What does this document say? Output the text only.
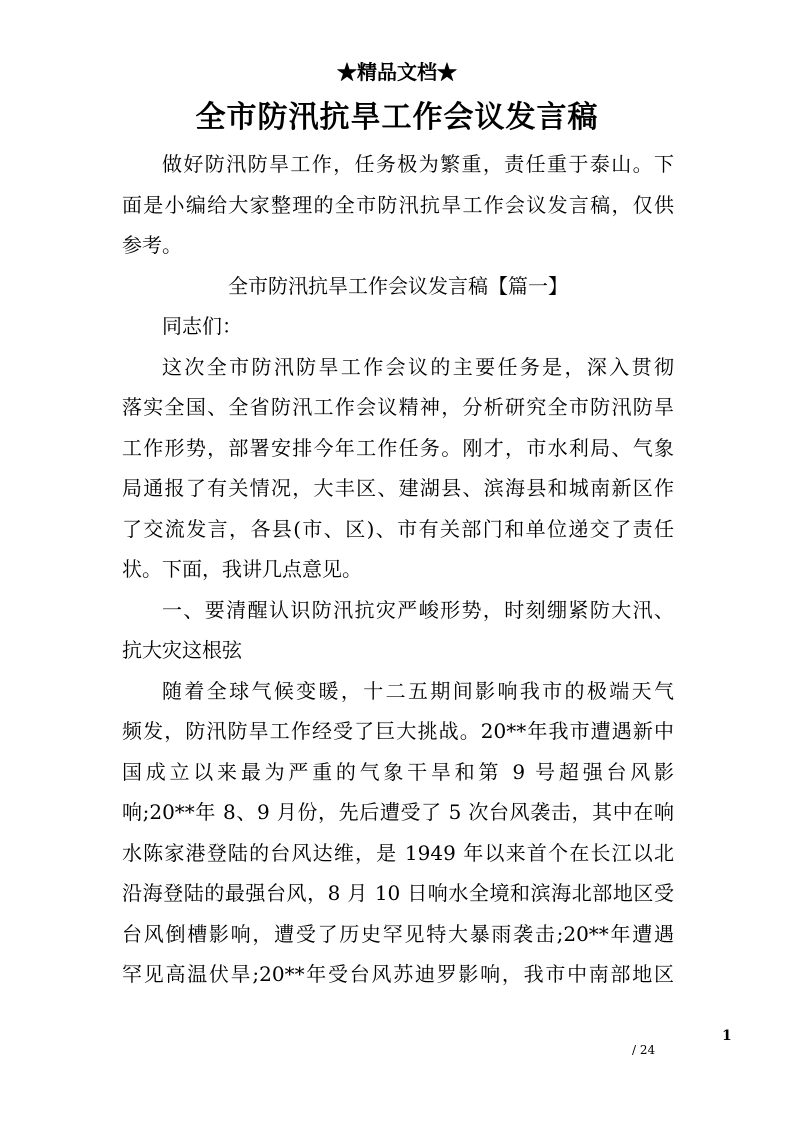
★精品文档★
全市防汛抗旱工作会议发言稿
做好防汛防旱工作，任务极为繁重，责任重于泰山。下
面是小编给大家整理的全市防汛抗旱工作会议发言稿，仅供
参考。
全市防汛抗旱工作会议发言稿【篇一】
同志们：
这次全市防汛防旱工作会议的主要任务是，深入贯彻
落实全国、全省防汛工作会议精神，分析研究全市防汛防旱
工作形势，部署安排今年工作任务。刚才，市水利局、气象
局通报了有关情况，大丰区、建湖县、滨海县和城南新区作
了交流发言，各县(市、区)、市有关部门和单位递交了责任
状。下面，我讲几点意见。
一、要清醒认识防汛抗灾严峻形势，时刻绷紧防大汛、
抗大灾这根弦
随着全球气候变暖，十二五期间影响我市的极端天气
频发，防汛防旱工作经受了巨大挑战。20**年我市遭遇新中
国成立以来最为严重的气象干旱和第 9 号超强台风影
响;20**年 8、9 月份，先后遭受了 5 次台风袭击，其中在响
水陈家港登陆的台风达维，是 1949 年以来首个在长江以北
沿海登陆的最强台风，8 月 10 日响水全境和滨海北部地区受
台风倒槽影响，遭受了历史罕见特大暴雨袭击;20**年遭遇
罕见高温伏旱;20**年受台风苏迪罗影响，我市中南部地区
1
/ 24
